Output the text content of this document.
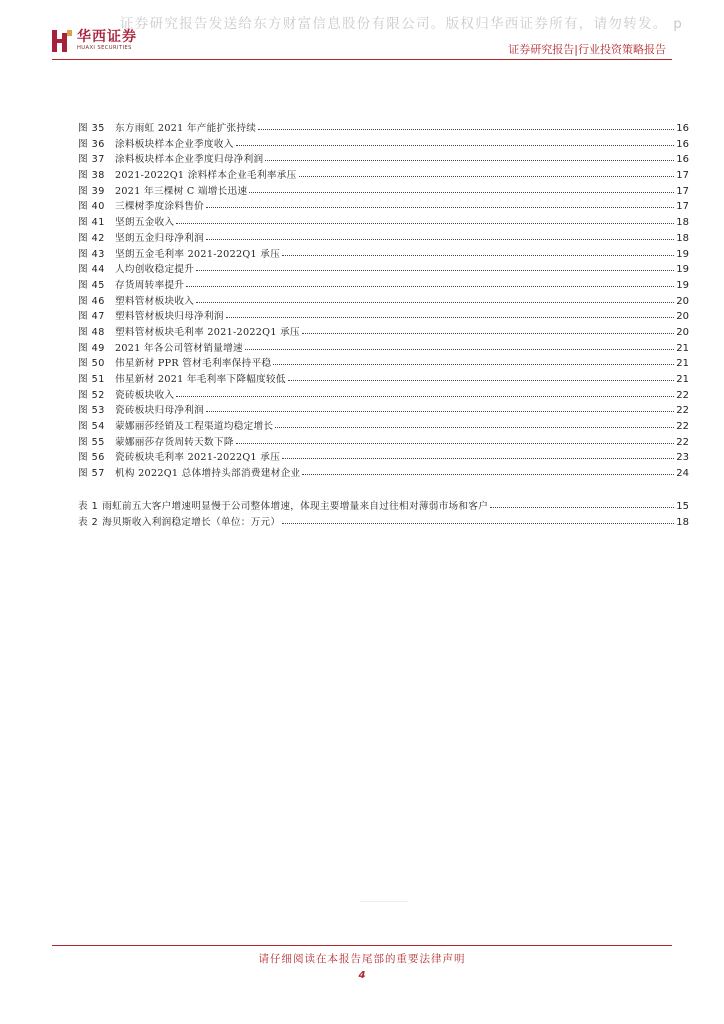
证券研究报告发送给东方财富信息股份有限公司。版权归华西证券所有，请勿转发。 p
华西证券
HUAXI SECURITIES	证券研究报告|行业投资策略报告
图 35	东方雨虹 2021 年产能扩张持续	16
图 36	涂料板块样本企业季度收入	16
图 37	涂料板块样本企业季度归母净利润	16
图 38	2021-2022Q1 涂料样本企业毛利率承压	17
图 39	2021 年三棵树 C 端增长迅速	17
图 40	三棵树季度涂料售价	17
图 41	坚朗五金收入	18
图 42	坚朗五金归母净利润	18
图 43	坚朗五金毛利率 2021-2022Q1 承压	19
图 44	人均创收稳定提升	19
图 45	存货周转率提升	19
图 46	塑料管材板块收入	20
图 47	塑料管材板块归母净利润	20
图 48	塑料管材板块毛利率 2021-2022Q1 承压	20
图 49	2021 年各公司管材销量增速	21
图 50	伟星新材 PPR 管材毛利率保持平稳	21
图 51	伟星新材 2021 年毛利率下降幅度较低	21
图 52	瓷砖板块收入	22
图 53	瓷砖板块归母净利润	22
图 54	蒙娜丽莎经销及工程渠道均稳定增长	22
图 55	蒙娜丽莎存货周转天数下降	22
图 56	瓷砖板块毛利率 2021-2022Q1 承压	23
图 57	机构 2022Q1 总体增持头部消费建材企业	24
表 1 雨虹前五大客户增速明显慢于公司整体增速，体现主要增量来自过往相对薄弱市场和客户	15
表 2 海贝斯收入利润稳定增长（单位：万元）	18
请仔细阅读在本报告尾部的重要法律声明
4
